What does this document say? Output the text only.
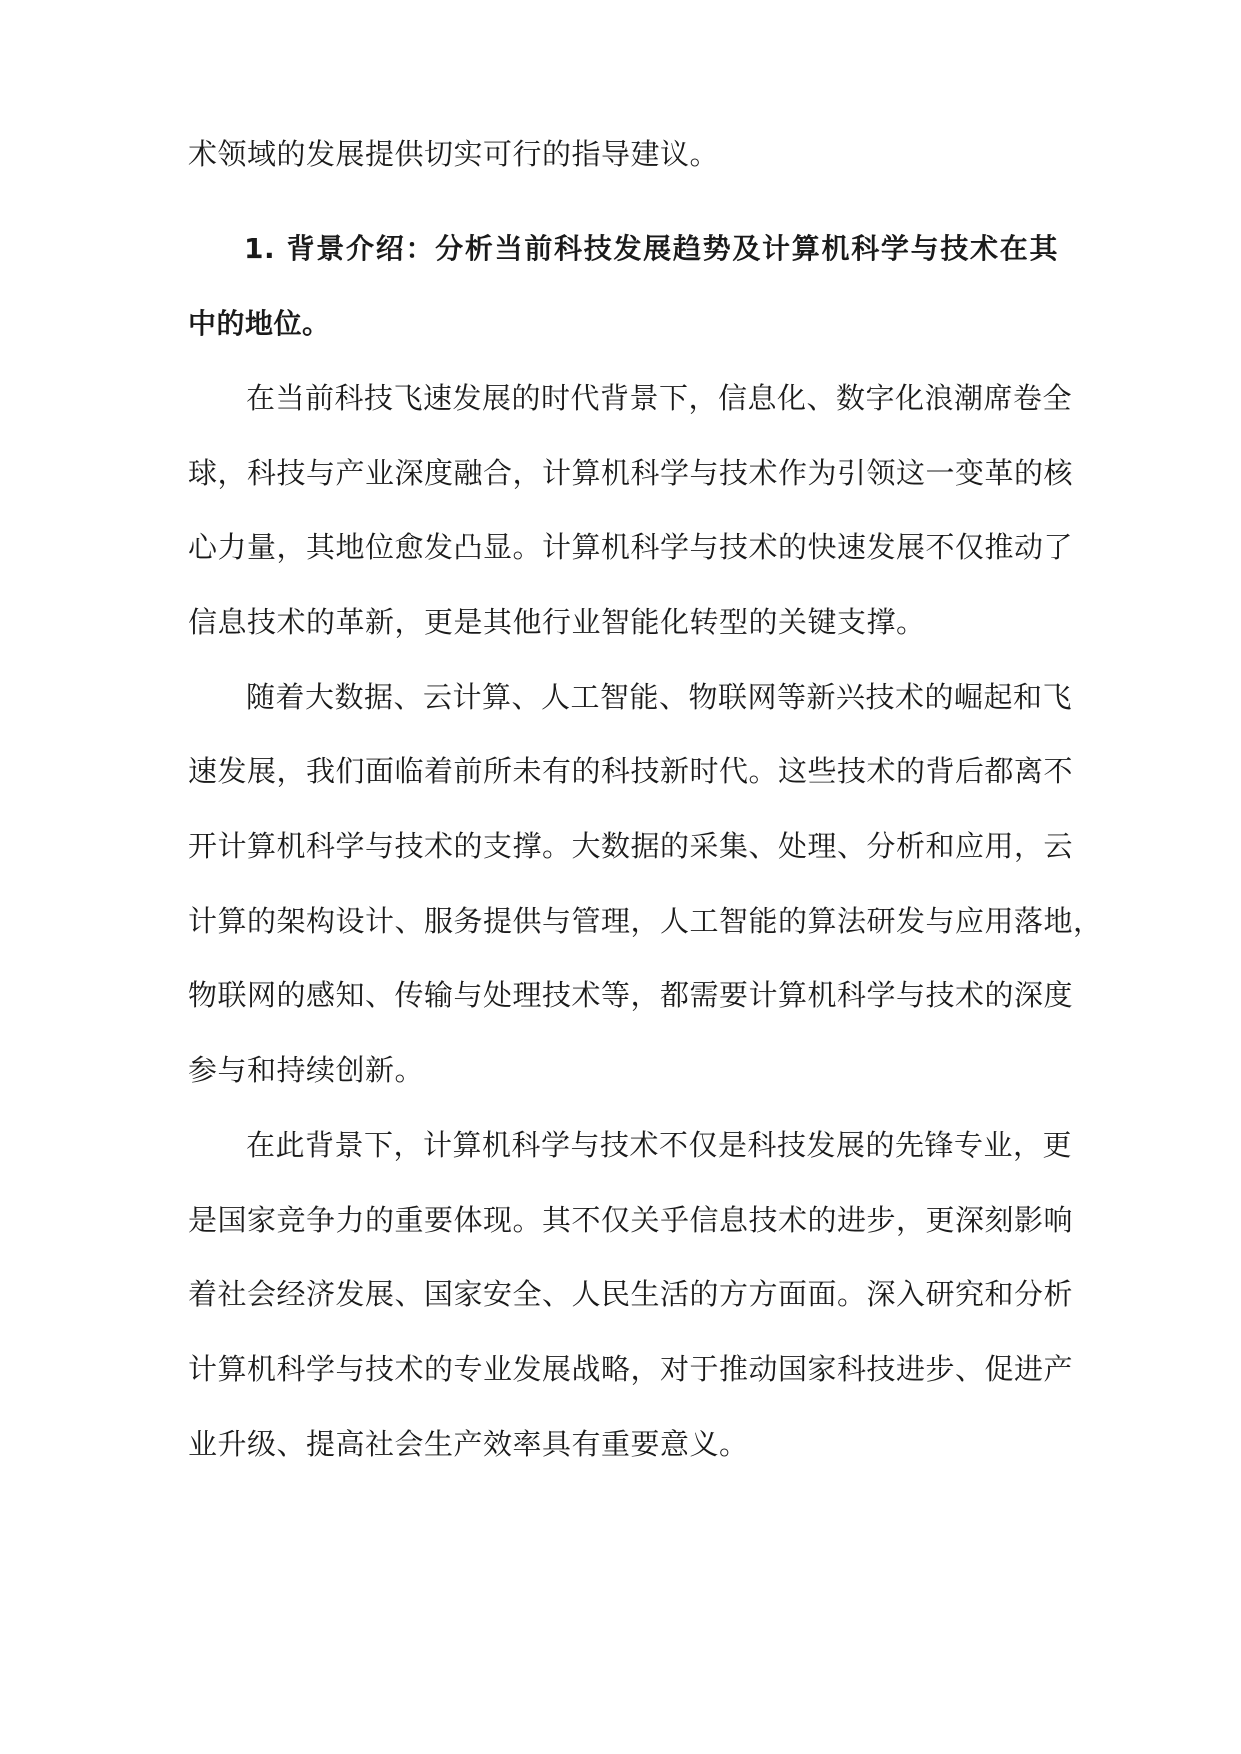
术领域的发展提供切实可行的指导建议。
1. 背景介绍：分析当前科技发展趋势及计算机科学与技术在其
中的地位。
在当前科技飞速发展的时代背景下，信息化、数字化浪潮席卷全
球，科技与产业深度融合，计算机科学与技术作为引领这一变革的核
心力量，其地位愈发凸显。计算机科学与技术的快速发展不仅推动了
信息技术的革新，更是其他行业智能化转型的关键支撑。
随着大数据、云计算、人工智能、物联网等新兴技术的崛起和飞
速发展，我们面临着前所未有的科技新时代。这些技术的背后都离不
开计算机科学与技术的支撑。大数据的采集、处理、分析和应用，云
计算的架构设计、服务提供与管理，人工智能的算法研发与应用落地，
物联网的感知、传输与处理技术等，都需要计算机科学与技术的深度
参与和持续创新。
在此背景下，计算机科学与技术不仅是科技发展的先锋专业，更
是国家竞争力的重要体现。其不仅关乎信息技术的进步，更深刻影响
着社会经济发展、国家安全、人民生活的方方面面。深入研究和分析
计算机科学与技术的专业发展战略，对于推动国家科技进步、促进产
业升级、提高社会生产效率具有重要意义。
